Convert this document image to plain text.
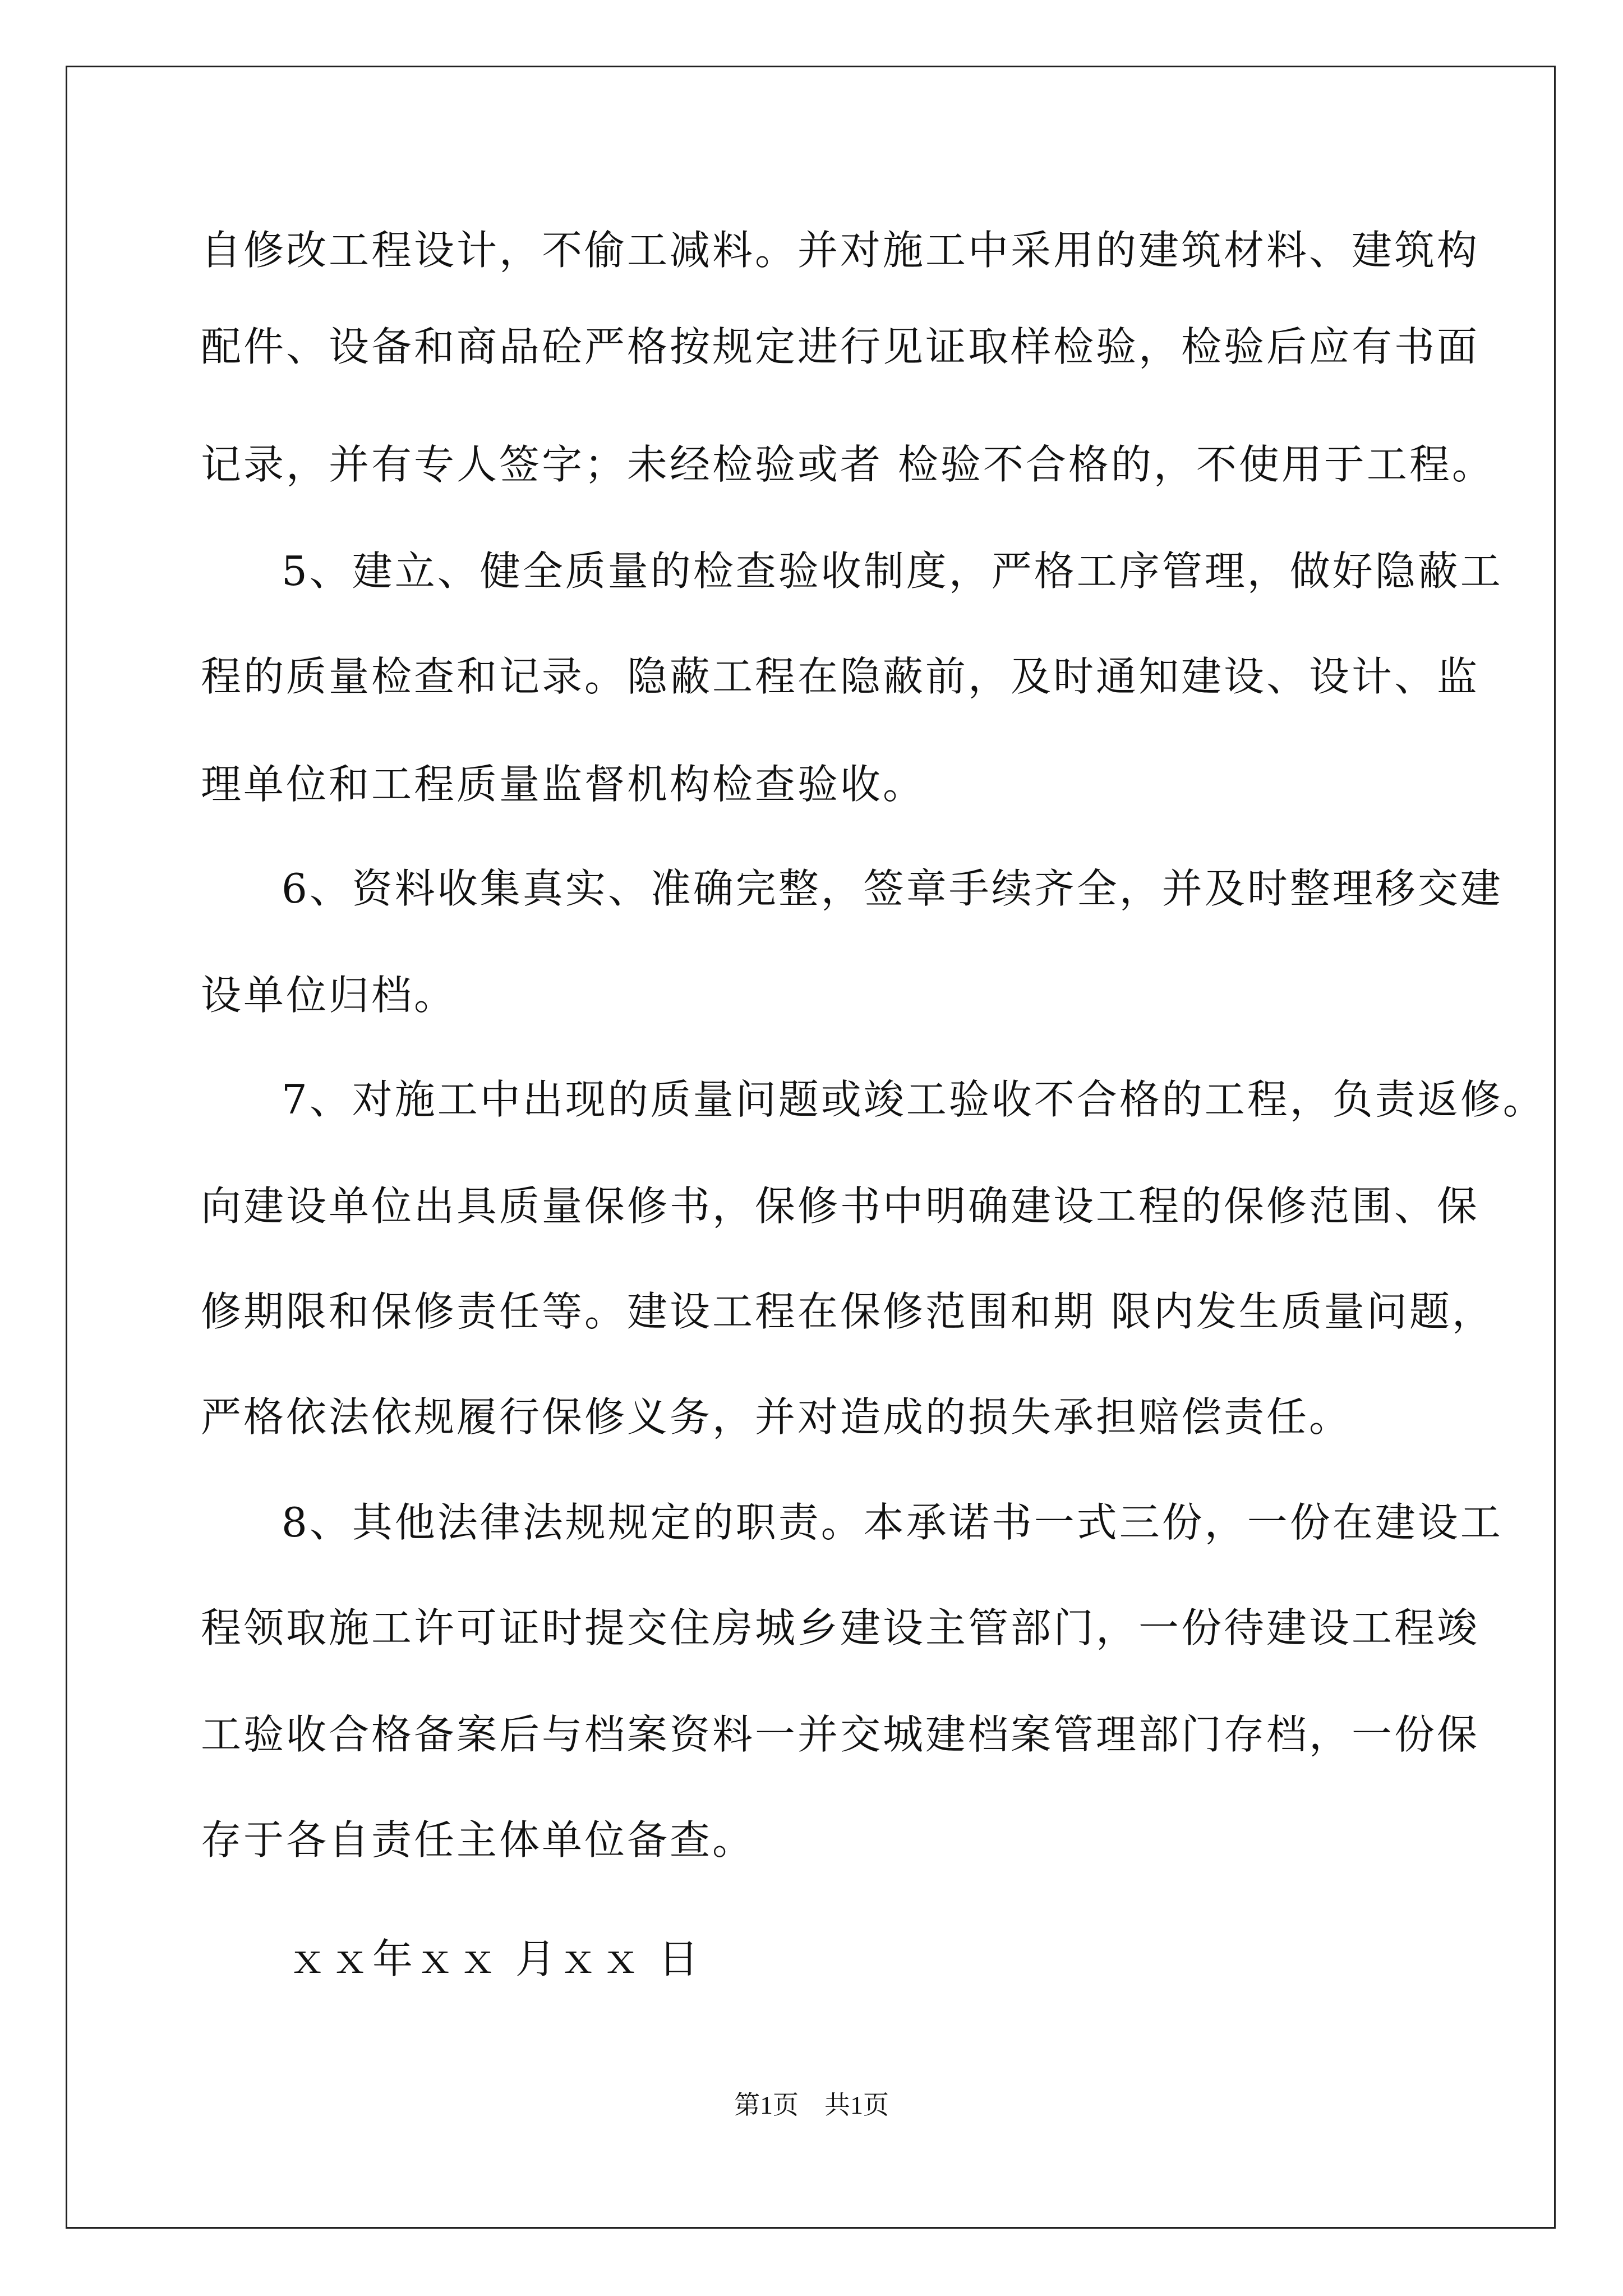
自修改工程设计，不偷工减料。并对施工中采用的建筑材料、建筑构
配件、设备和商品砼严格按规定进行见证取样检验，检验后应有书面
记录，并有专人签字；未经检验或者 检验不合格的，不使用于工程。
5、建立、健全质量的检查验收制度，严格工序管理，做好隐蔽工
程的质量检查和记录。隐蔽工程在隐蔽前，及时通知建设、设计、监
理单位和工程质量监督机构检查验收。
6、资料收集真实、准确完整，签章手续齐全，并及时整理移交建
设单位归档。
7、对施工中出现的质量问题或竣工验收不合格的工程，负责返修。
向建设单位出具质量保修书，保修书中明确建设工程的保修范围、保
修期限和保修责任等。建设工程在保修范围和期 限内发生质量问题，
严格依法依规履行保修义务，并对造成的损失承担赔偿责任。
8、其他法律法规规定的职责。本承诺书一式三份，一份在建设工
程领取施工许可证时提交住房城乡建设主管部门，一份待建设工程竣
工验收合格备案后与档案资料一并交城建档案管理部门存档，一份保
存于各自责任主体单位备查。
ｘｘ年ｘｘ 月ｘｘ 日
第1页　共1页
